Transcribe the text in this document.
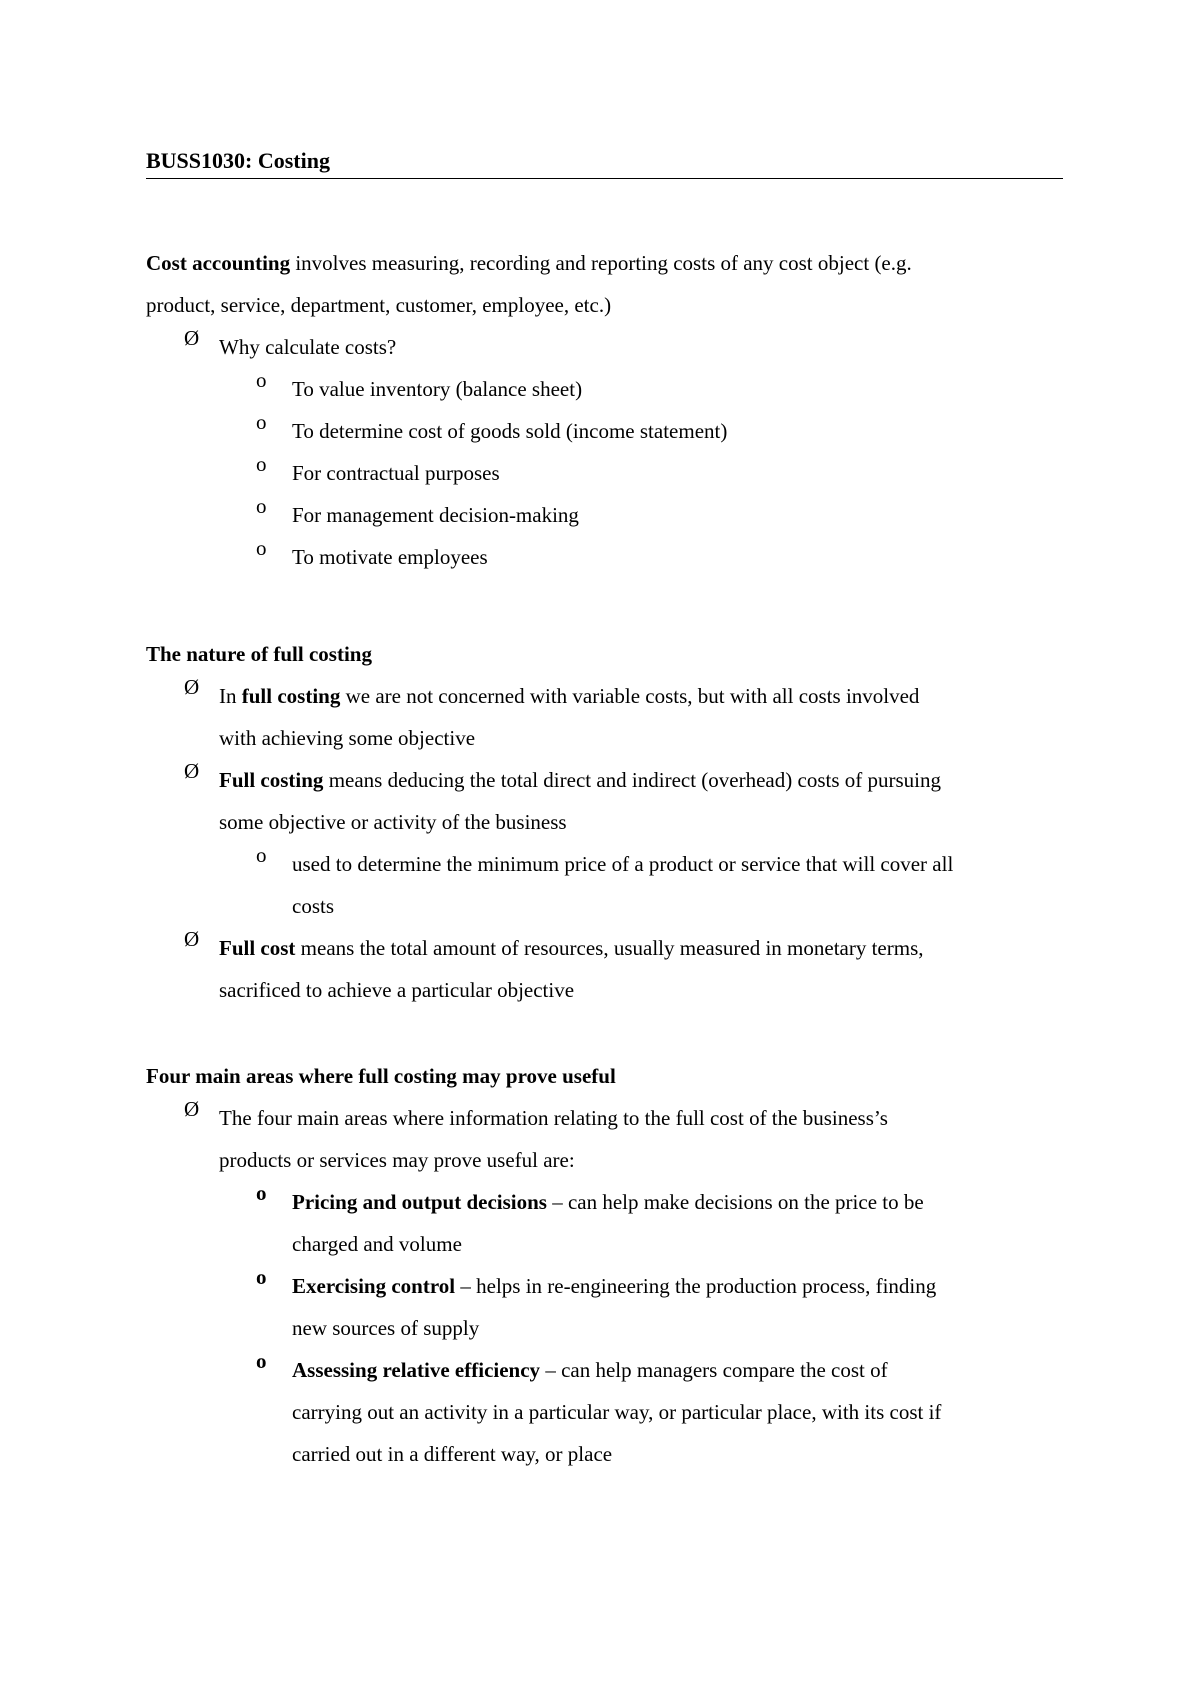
BUSS1030: Costing
Cost accounting involves measuring, recording and reporting costs of any cost object (e.g.
product, service, department, customer, employee, etc.)
Ø Why calculate costs?
o	To value inventory (balance sheet)
o	To determine cost of goods sold (income statement)
o	For contractual purposes
o	For management decision-making
o	To motivate employees
The nature of full costing
Ø In full costing we are not concerned with variable costs, but with all costs involved
with achieving some objective
Ø Full costing means deducing the total direct and indirect (overhead) costs of pursuing
some objective or activity of the business
o	used to determine the minimum price of a product or service that will cover all
costs
Ø Full cost means the total amount of resources, usually measured in monetary terms,
sacrificed to achieve a particular objective
Four main areas where full costing may prove useful
Ø The four main areas where information relating to the full cost of the business’s
products or services may prove useful are:
o	Pricing and output decisions – can help make decisions on the price to be
charged and volume
o	Exercising control – helps in re-engineering the production process, finding
new sources of supply
o	Assessing relative efficiency – can help managers compare the cost of
carrying out an activity in a particular way, or particular place, with its cost if
carried out in a different way, or place
